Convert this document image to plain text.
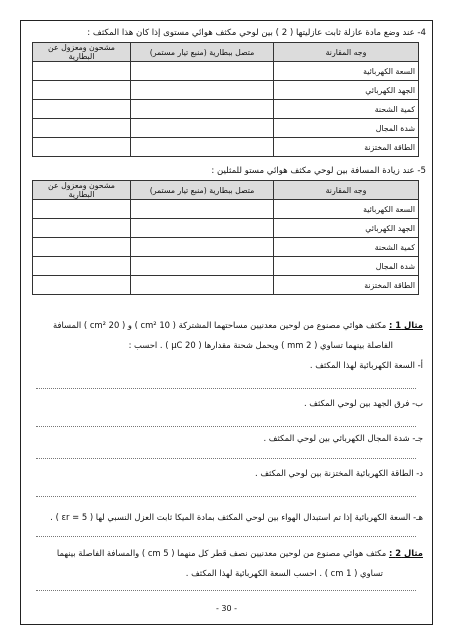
4- عند وضع مادة عازلة ثابت عازليتها ( 2 ) بين لوحي مكثف هوائي مستوى إذا كان هذا المكثف :
وجه المقارنة	متصل ببطارية (منبع تيار مستمر)	مشحون ومعزول عن البطارية
السعة الكهربائية		
الجهد الكهربائي		
كمية الشحنة		
شدة المجال		
الطاقة المختزنة		
5- عند زيادة المسافة بين لوحي مكثف هوائي مستو للمثلين :
وجه المقارنة	متصل ببطارية (منبع تيار مستمر)	مشحون ومعزول عن البطارية
السعة الكهربائية		
الجهد الكهربائي		
كمية الشحنة		
شدة المجال		
الطاقة المختزنة		
مثال 1 : مكثف هوائي مصنوع من لوحين معدنيين مساحتهما المشتركة ( 10 cm² ) و ( 20 cm² ) المسافة
الفاصلة بينهما تساوي ( 2 mm ) ويحمل شحنة مقدارها ( 20 μC ) . احسب :
أ- السعة الكهربائية لهذا المكثف .
ب- فرق الجهد بين لوحي المكثف .
جـ- شدة المجال الكهربائي بين لوحي المكثف .
د- الطاقة الكهربائية المختزنة بين لوحي المكثف .
هـ- السعة الكهربائية إذا تم استبدال الهواء بين لوحي المكثف بمادة الميكا ثابت العزل النسبي لها ( εr = 5 ) .
مثال 2 : مكثف هوائي مصنوع من لوحين معدنيين نصف قطر كل منهما ( 5 cm ) والمسافة الفاصلة بينهما
تساوي ( 1 cm ) . احسب السعة الكهربائية لهذا المكثف .
- 30 -
